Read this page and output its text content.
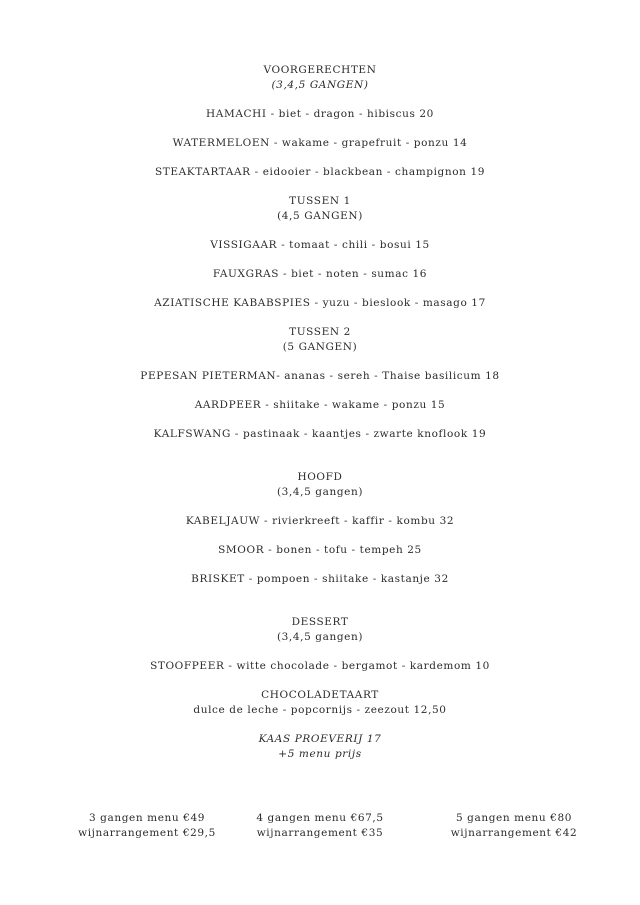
VOORGERECHTEN
(3,4,5 GANGEN)
HAMACHI - biet - dragon - hibiscus 20
WATERMELOEN - wakame - grapefruit - ponzu 14
STEAKTARTAAR - eidooier - blackbean - champignon 19
TUSSEN 1
(4,5 GANGEN)
VISSIGAAR - tomaat - chili - bosui 15
FAUXGRAS - biet - noten - sumac 16
AZIATISCHE KABABSPIES - yuzu - bieslook - masago 17
TUSSEN 2
(5 GANGEN)
PEPESAN PIETERMAN- ananas - sereh - Thaise basilicum 18
AARDPEER - shiitake - wakame - ponzu 15
KALFSWANG - pastinaak - kaantjes - zwarte knoflook 19
HOOFD
(3,4,5 gangen)
KABELJAUW - rivierkreeft - kaffir - kombu 32
SMOOR - bonen - tofu - tempeh 25
BRISKET - pompoen - shiitake - kastanje 32
DESSERT
(3,4,5 gangen)
STOOFPEER - witte chocolade - bergamot - kardemom 10
CHOCOLADETAART
dulce de leche - popcornijs - zeezout 12,50
KAAS PROEVERIJ 17
+5 menu prijs
3 gangen menu €49
wijnarrangement €29,5
4 gangen menu €67,5
wijnarrangement €35
5 gangen menu €80
wijnarrangement €42
